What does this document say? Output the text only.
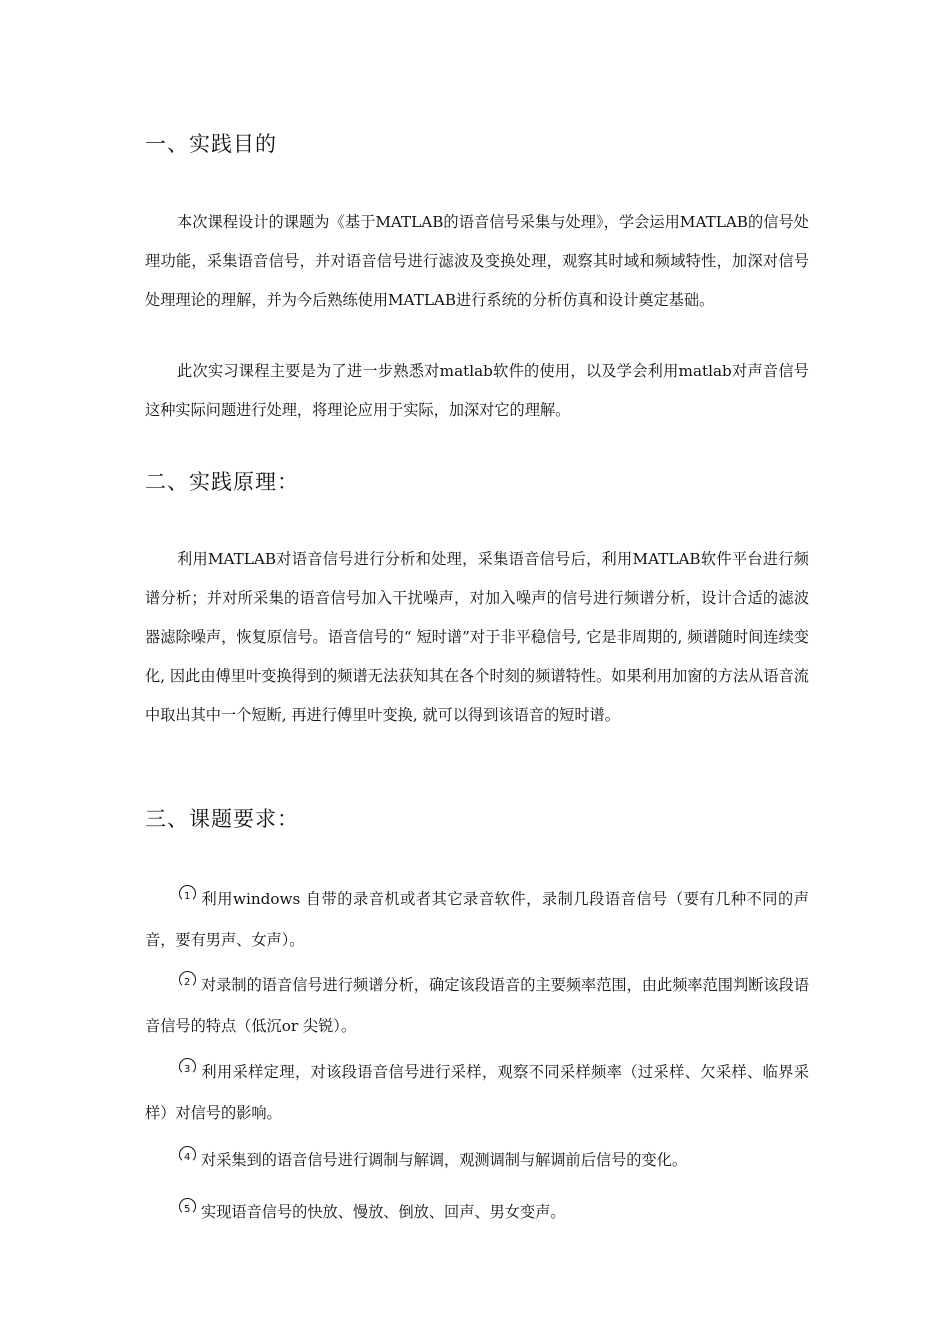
一、实践目的

本次课程设计的课题为《基于MATLAB的语音信号采集与处理》，学会运用MATLAB的信号处理功能，采集语音信号，并对语音信号进行滤波及变换处理，观察其时域和频域特性，加深对信号处理理论的理解，并为今后熟练使用MATLAB进行系统的分析仿真和设计奠定基础。

此次实习课程主要是为了进一步熟悉对matlab软件的使用，以及学会利用matlab对声音信号这种实际问题进行处理，将理论应用于实际，加深对它的理解。

二、实践原理：

利用MATLAB对语音信号进行分析和处理，采集语音信号后，利用MATLAB软件平台进行频谱分析；并对所采集的语音信号加入干扰噪声，对加入噪声的信号进行频谱分析，设计合适的滤波器滤除噪声，恢复原信号。语音信号的“ 短时谱”对于非平稳信号, 它是非周期的, 频谱随时间连续变化, 因此由傅里叶变换得到的频谱无法获知其在各个时刻的频谱特性。如果利用加窗的方法从语音流中取出其中一个短断, 再进行傅里叶变换, 就可以得到该语音的短时谱。

三、课题要求：

1 利用windows 自带的录音机或者其它录音软件，录制几段语音信号（要有几种不同的声音，要有男声、女声）。

2 对录制的语音信号进行频谱分析，确定该段语音的主要频率范围，由此频率范围判断该段语音信号的特点（低沉or 尖锐）。

3 利用采样定理，对该段语音信号进行采样，观察不同采样频率（过采样、欠采样、临界采样）对信号的影响。

4 对采集到的语音信号进行调制与解调，观测调制与解调前后信号的变化。

5 实现语音信号的快放、慢放、倒放、回声、男女变声。
